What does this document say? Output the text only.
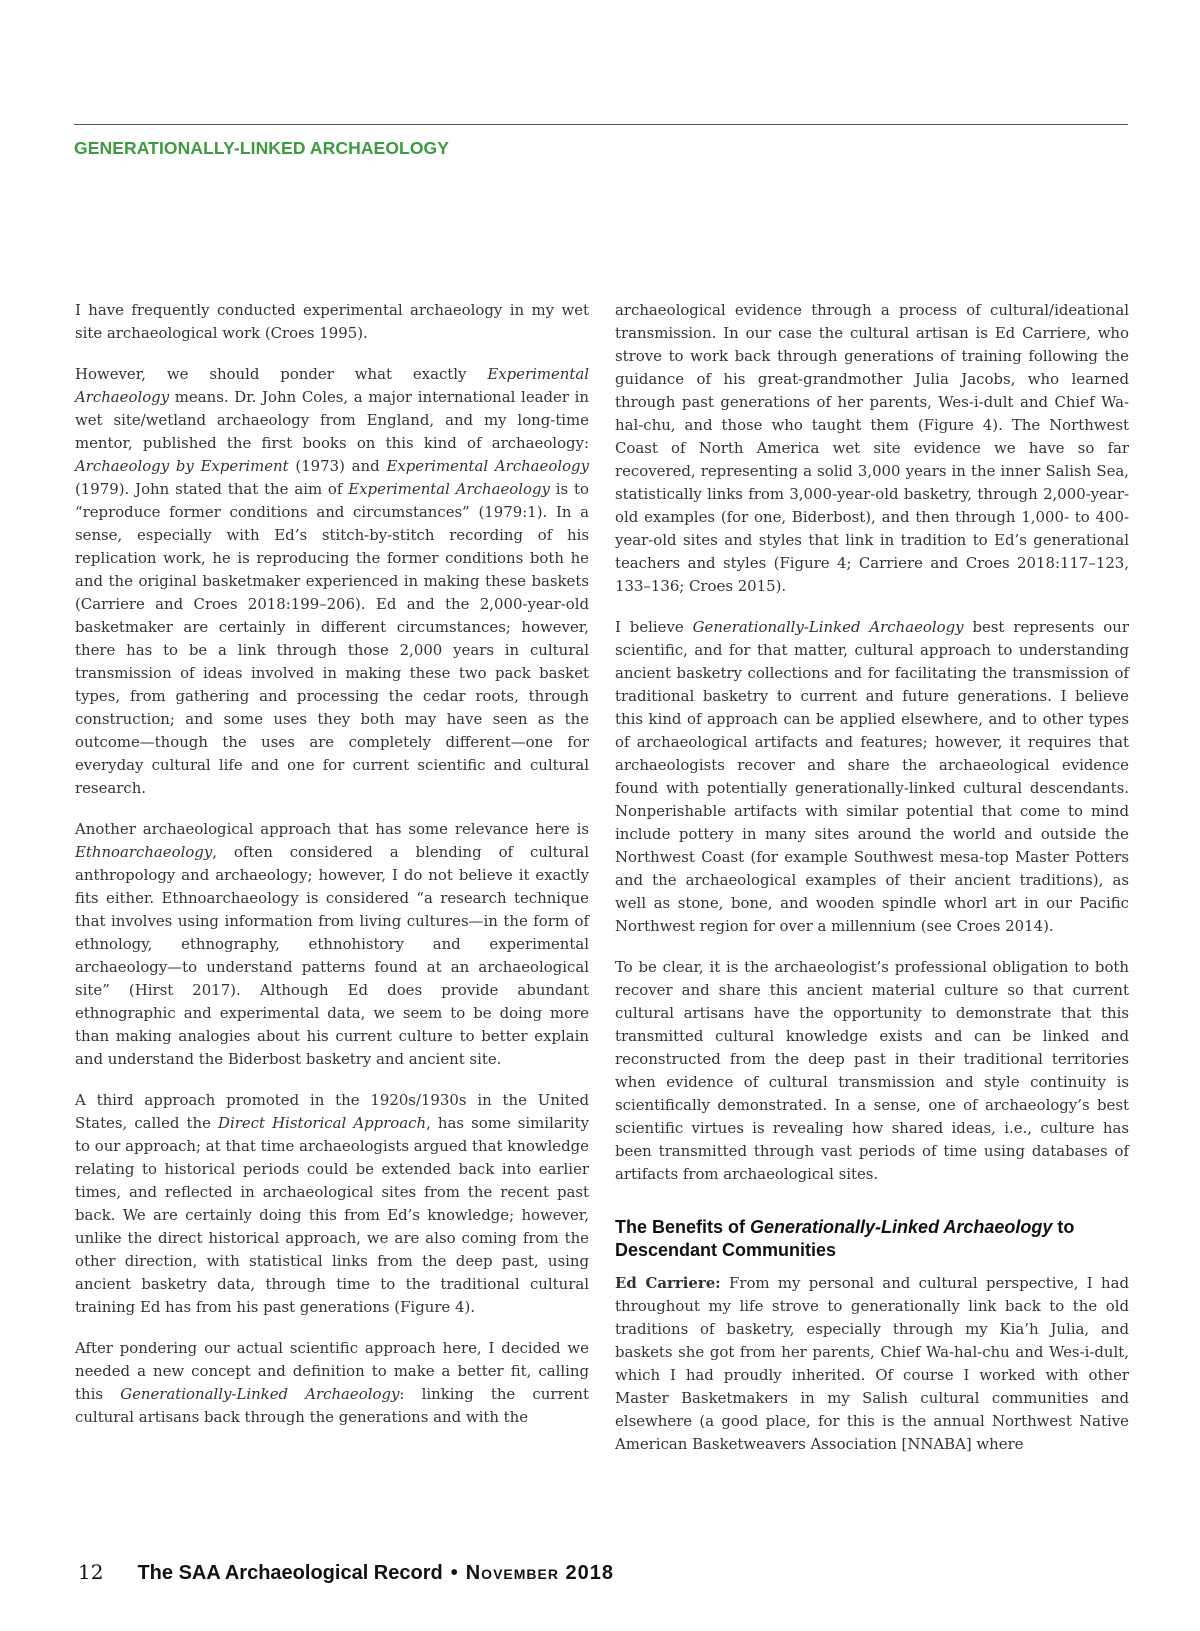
GENERATIONALLY-LINKED ARCHAEOLOGY

I have frequently conducted experimental archaeology in my wet site archaeological work (Croes 1995).

However, we should ponder what exactly Experimental Archaeology means. Dr. John Coles, a major international leader in wet site/wetland archaeology from England, and my long-time mentor, published the first books on this kind of archaeology: Archaeology by Experiment (1973) and Experimental Archaeology (1979). John stated that the aim of Experimental Archaeology is to “reproduce former conditions and circumstances” (1979:1). In a sense, especially with Ed’s stitch-by-stitch recording of his replication work, he is reproducing the former conditions both he and the original basketmaker experienced in making these baskets (Carriere and Croes 2018:199–206). Ed and the 2,000-year-old basketmaker are certainly in different circumstances; however, there has to be a link through those 2,000 years in cultural transmission of ideas involved in making these two pack basket types, from gathering and processing the cedar roots, through construction; and some uses they both may have seen as the outcome—though the uses are completely different—one for everyday cultural life and one for current scientific and cultural research.

Another archaeological approach that has some relevance here is Ethnoarchaeology, often considered a blending of cultural anthropology and archaeology; however, I do not believe it exactly fits either. Ethnoarchaeology is considered “a research technique that involves using information from living cultures—in the form of ethnology, ethnography, ethnohistory and experimental archaeology—to understand patterns found at an archaeological site” (Hirst 2017). Although Ed does provide abundant ethnographic and experimental data, we seem to be doing more than making analogies about his current culture to better explain and understand the Biderbost basketry and ancient site.

A third approach promoted in the 1920s/1930s in the United States, called the Direct Historical Approach, has some similarity to our approach; at that time archaeologists argued that knowledge relating to historical periods could be extended back into earlier times, and reflected in archaeological sites from the recent past back. We are certainly doing this from Ed’s knowledge; however, unlike the direct historical approach, we are also coming from the other direction, with statistical links from the deep past, using ancient basketry data, through time to the traditional cultural training Ed has from his past generations (Figure 4).

After pondering our actual scientific approach here, I decided we needed a new concept and definition to make a better fit, calling this Generationally-Linked Archaeology: linking the current cultural artisans back through the generations and with the

archaeological evidence through a process of cultural/ideational transmission. In our case the cultural artisan is Ed Carriere, who strove to work back through generations of training following the guidance of his great-grandmother Julia Jacobs, who learned through past generations of her parents, Wes-i-dult and Chief Wa-hal-chu, and those who taught them (Figure 4). The Northwest Coast of North America wet site evidence we have so far recovered, representing a solid 3,000 years in the inner Salish Sea, statistically links from 3,000-year-old basketry, through 2,000-year-old examples (for one, Biderbost), and then through 1,000- to 400-year-old sites and styles that link in tradition to Ed’s generational teachers and styles (Figure 4; Carriere and Croes 2018:117–123, 133–136; Croes 2015).

I believe Generationally-Linked Archaeology best represents our scientific, and for that matter, cultural approach to understanding ancient basketry collections and for facilitating the transmission of traditional basketry to current and future generations. I believe this kind of approach can be applied elsewhere, and to other types of archaeological artifacts and features; however, it requires that archaeologists recover and share the archaeological evidence found with potentially generationally-linked cultural descendants. Nonperishable artifacts with similar potential that come to mind include pottery in many sites around the world and outside the Northwest Coast (for example Southwest mesa-top Master Potters and the archaeological examples of their ancient traditions), as well as stone, bone, and wooden spindle whorl art in our Pacific Northwest region for over a millennium (see Croes 2014).

To be clear, it is the archaeologist’s professional obligation to both recover and share this ancient material culture so that current cultural artisans have the opportunity to demonstrate that this transmitted cultural knowledge exists and can be linked and reconstructed from the deep past in their traditional territories when evidence of cultural transmission and style continuity is scientifically demonstrated. In a sense, one of archaeology’s best scientific virtues is revealing how shared ideas, i.e., culture has been transmitted through vast periods of time using databases of artifacts from archaeological sites.

The Benefits of Generationally-Linked Archaeology to Descendant Communities

Ed Carriere: From my personal and cultural perspective, I had throughout my life strove to generationally link back to the old traditions of basketry, especially through my Kia’h Julia, and baskets she got from her parents, Chief Wa-hal-chu and Wes-i-dult, which I had proudly inherited. Of course I worked with other Master Basketmakers in my Salish cultural communities and elsewhere (a good place, for this is the annual Northwest Native American Basketweavers Association [NNABA] where

12 The SAA Archaeological Record • November 2018
